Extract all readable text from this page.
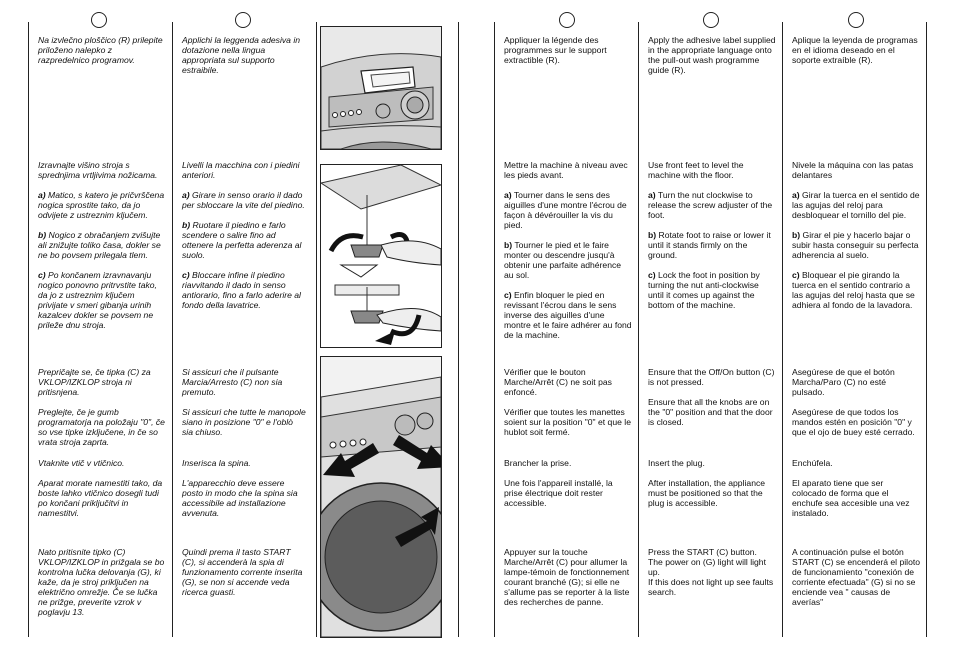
Na izvlečno ploščico (R) prilepite priloženo nalepko z razpredelnico programov.

Izravnajte višino stroja s sprednjima vrtljivima nožicama.

a) Matico, s katero je pričvrščena nogica sprostite tako, da jo odvijete z ustreznim ključem.

b) Nogico z obračanjem zvišujte ali znižujte toliko časa, dokler se ne bo povsem prilegala tlem.

c) Po končanem izravnavanju nogico ponovno pritrvstite tako, da jo z ustreznim ključem privijate v smeri gibanja urinih kazalcev dokler se povsem ne prileže dnu stroja.

Prepričajte se, če tipka (C) za VKLOP/IZKLOP stroja ni pritisnjena.

Preglejte, če je gumb programatorja na položaju "0", če so vse tipke izključene, in če so vrata stroja zaprta.

Vtaknite vtič v vtičnico.

Aparat morate namestiti tako, da boste lahko vtičnico dosegli tudi po končani priključitvi in namestitvi.

Nato pritisnite tipko (C) VKLOP/IZKLOP in prižgala se bo kontrolna lučka delovanja (G), ki kaže, da je stroj priključen na električno omrežje. Če se lučka ne prižge, preverite vzrok v poglavju 13.

Applichi la leggenda adesiva in dotazione nella lingua appropriata sul supporto estraibile.

Livelli la macchina con i piedini anteriori.

a) Girare in senso orario il dado per sbloccare la vite del piedino.

b) Ruotare il piedino e farlo scendere o salire fino ad ottenere la perfetta aderenza al suolo.

c) Bloccare infine il piedino riavvitando il dado in senso antiorario, fino a farlo aderire al fondo della lavatrice.

Si assicuri che il pulsante Marcia/Arresto (C) non sia premuto.

Si assicuri che tutte le manopole siano in posizione "0" e l'oblò sia chiuso.

Inserisca la spina.

L'apparecchio deve essere posto in modo che la spina sia accessibile ad installazione avvenuta.

Quindi prema il tasto START (C), si accenderà la spia di funzionamento corrente inserita (G), se non si accende veda ricerca guasti.

Appliquer la légende des programmes sur le support extractible (R).

Mettre la machine à niveau avec les pieds avant.

a) Tourner dans le sens des aiguilles d'une montre l'écrou de façon à dévérouiller la vis du pied.

b) Tourner le pied et le faire monter ou descendre jusqu'à obtenir une parfaite adhérence au sol.

c) Enfin bloquer le pied en revissant l'écrou dans le sens inverse des aiguilles d'une montre et le faire adhérer au fond de la machine.

Vérifier que le bouton Marche/Arrêt (C) ne soit pas enfoncé.

Vérifier que toutes les manettes soient sur la position "0" et que le hublot soit fermé.

Brancher la prise.

Une fois l'appareil installé, la prise électrique doit rester accessible.

Appuyer sur la touche Marche/Arrêt (C) pour allumer la lampe-témoin de fonctionnement courant branché (G); si elle ne s'allume pas se reporter à la liste des recherches de panne.

Apply the adhesive label supplied in the appropriate language onto the pull-out wash programme guide (R).

Use front feet to level the machine with the floor.

a) Turn the nut clockwise to release the screw adjuster of the foot.

b) Rotate foot to raise or lower it until it stands firmly on the ground.

c) Lock the foot in position by turning the nut anti-clockwise until it comes up against the bottom of the machine.

Ensure that the Off/On button (C) is not pressed.

Ensure that all the knobs are on the "0" position and that the door is closed.

Insert the plug.

After installation, the appliance must be positioned so that the plug is accessible.

Press the START (C) button.
The power on (G) light will light up.
If this does not light up see faults search.

Aplique la leyenda de programas en el idioma deseado en el soporte extraíble (R).

Nivele la máquina con las patas delantares

a) Girar la tuerca en el sentido de las agujas del reloj para desbloquear el tornillo del pie.

b) Girar el pie y hacerlo bajar o subir hasta conseguir su perfecta adherencia al suelo.

c) Bloquear el pie girando la tuerca en el sentido contrario a las agujas del reloj hasta que se adhiera al fondo de la lavadora.

Asegúrese de que el botón Marcha/Paro (C) no esté pulsado.

Asegúrese de que todos los mandos estén en posición "0" y que el ojo de buey esté cerrado.

Enchúfela.

El aparato tiene que ser colocado de forma que el enchufe sea accesible una vez instalado.

A continuación pulse el botón START (C) se encenderá el piloto de funcionamiento "conexión de corriente efectuada" (G) si no se enciende vea " causas de averías"
